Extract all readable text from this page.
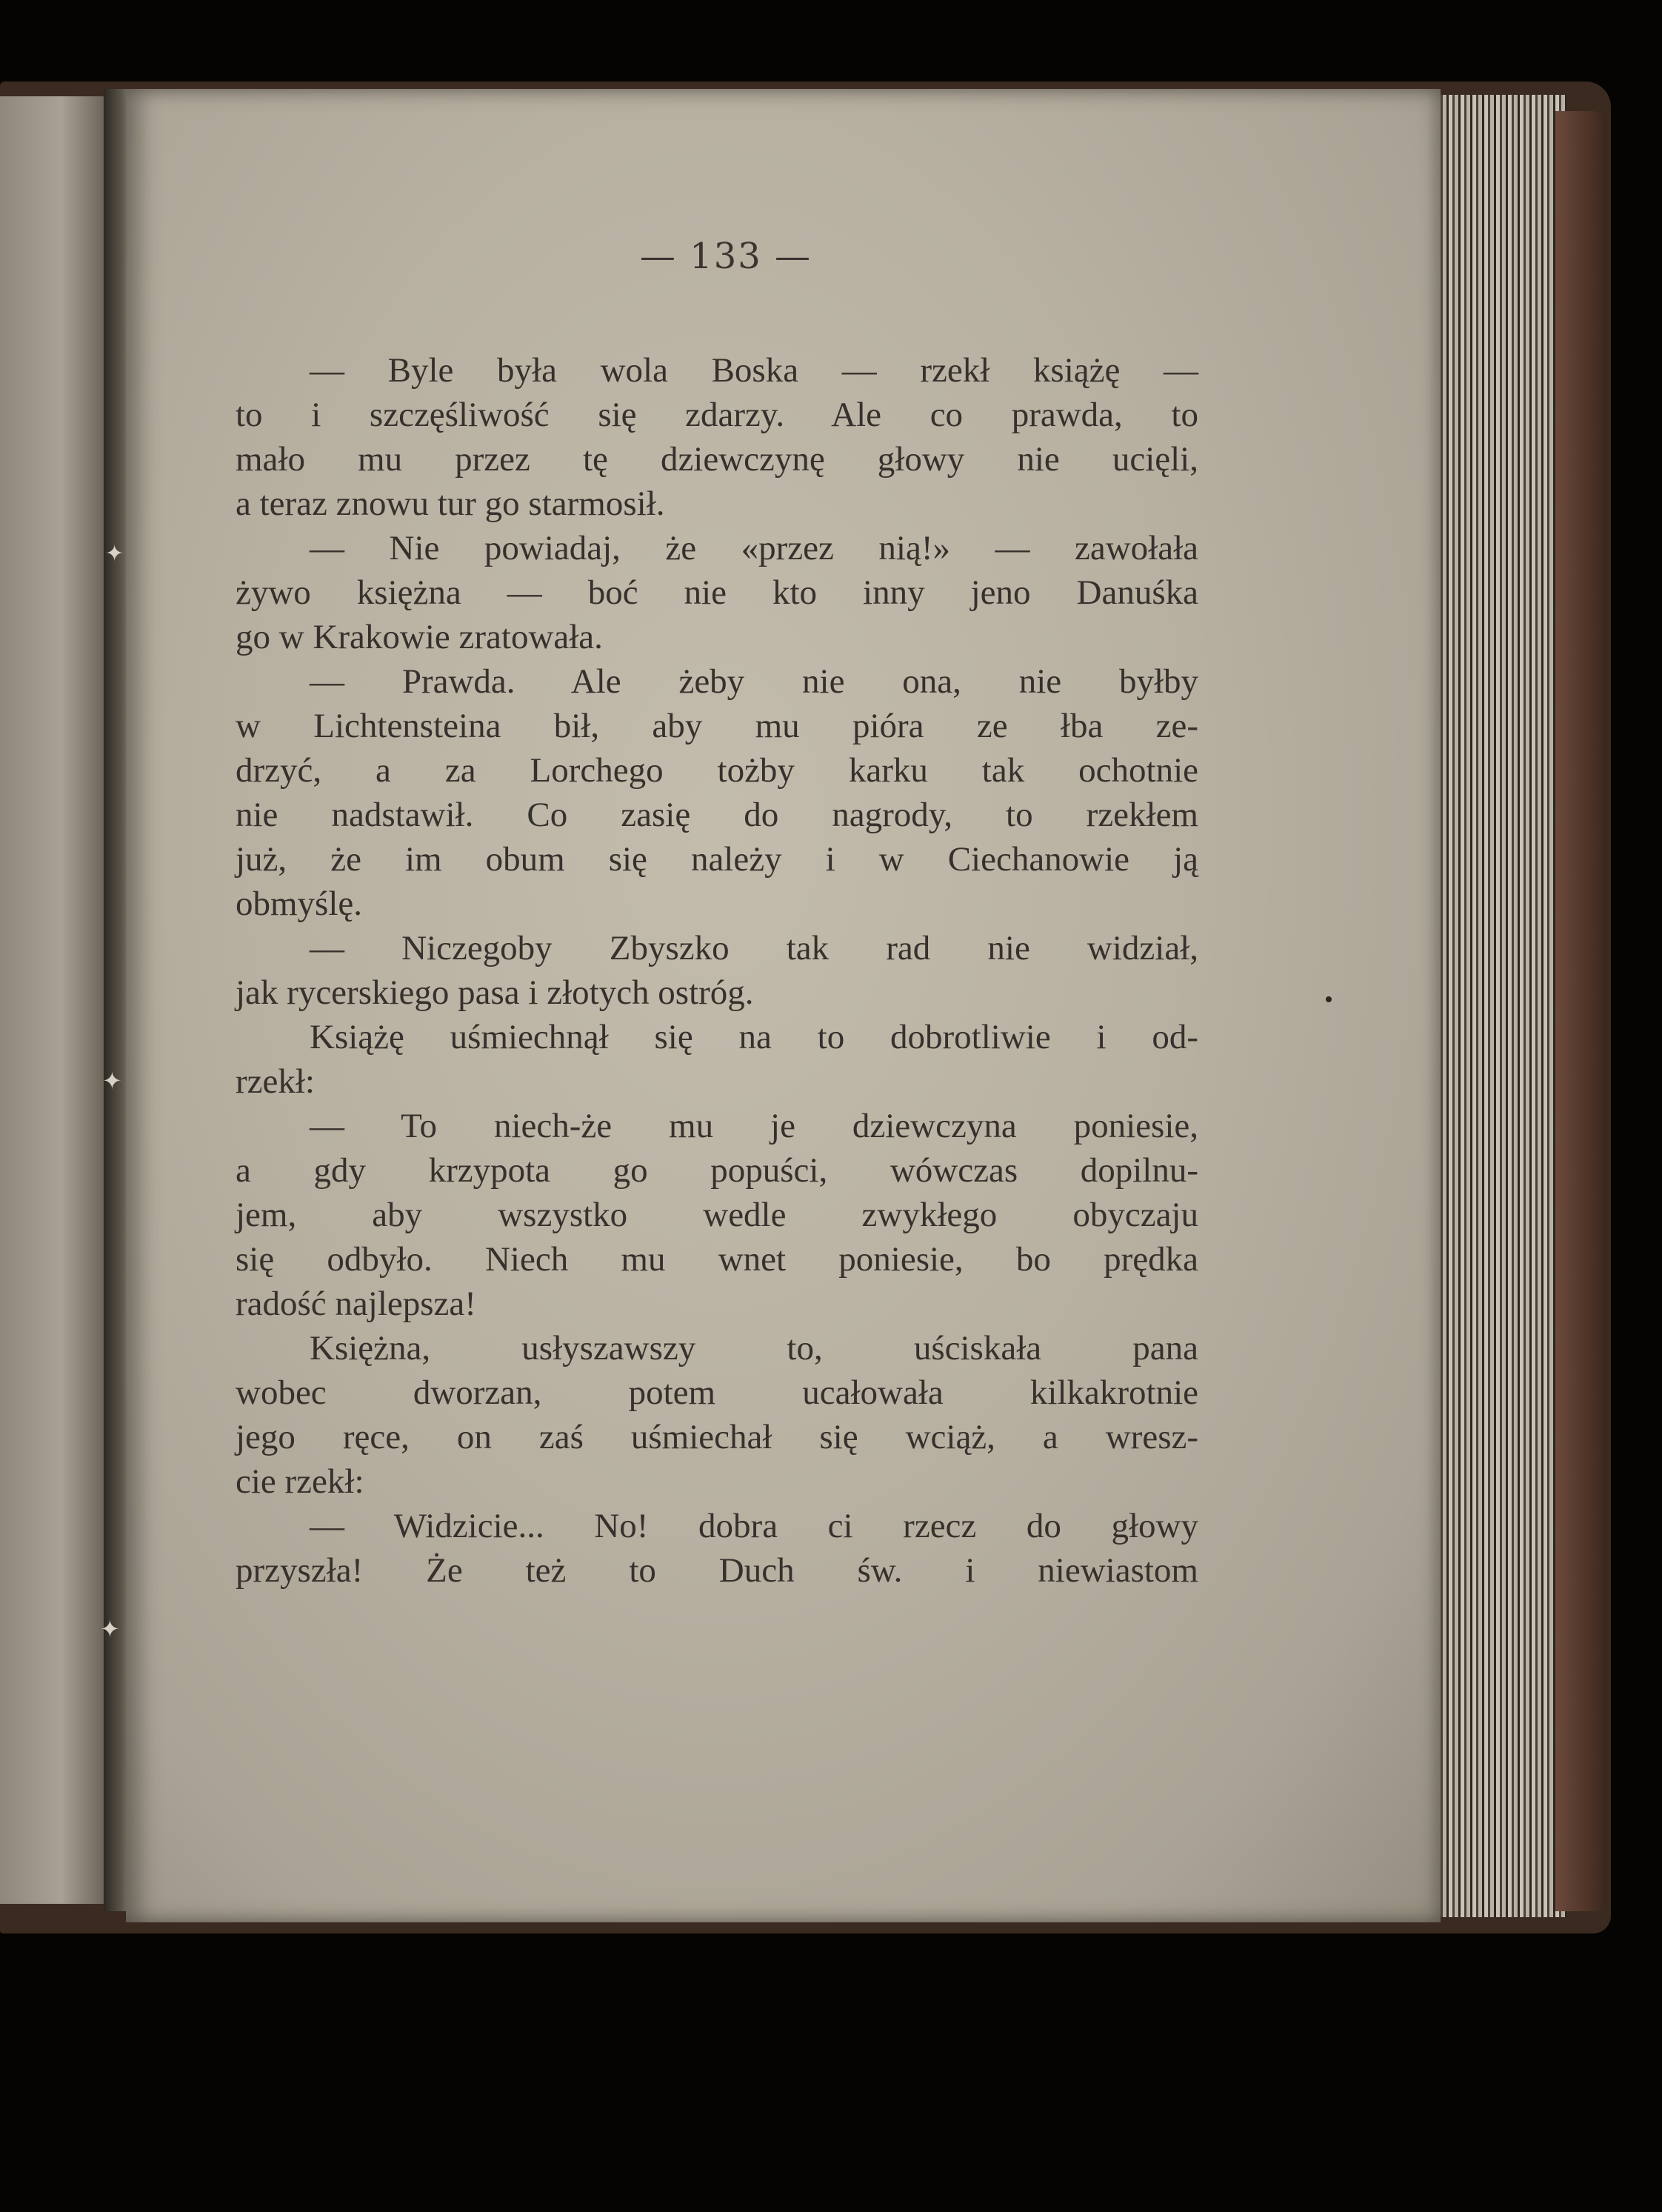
✦
✦
✦
— 133 —
— Byle była wola Boska — rzekł książę —
to i szczęśliwość się zdarzy. Ale co prawda, to
mało mu przez tę dziewczynę głowy nie ucięli,
a teraz znowu tur go starmosił.
— Nie powiadaj, że «przez nią!» — zawołała
żywo księżna — boć nie kto inny jeno Danuśka
go w Krakowie zratowała.
— Prawda. Ale żeby nie ona, nie byłby
w Lichtensteina bił, aby mu pióra ze łba ze-
drzyć, a za Lorchego tożby karku tak ochotnie
nie nadstawił. Co zasię do nagrody, to rzekłem
już, że im obum się należy i w Ciechanowie ją
obmyślę.
— Niczegoby Zbyszko tak rad nie widział,
jak rycerskiego pasa i złotych ostróg.
Książę uśmiechnął się na to dobrotliwie i od-
rzekł:
— To niech-że mu je dziewczyna poniesie,
a gdy krzypota go popuści, wówczas dopilnu-
jem, aby wszystko wedle zwykłego obyczaju
się odbyło. Niech mu wnet poniesie, bo prędka
radość najlepsza!
Księżna, usłyszawszy to, uściskała pana
wobec dworzan, potem ucałowała kilkakrotnie
jego ręce, on zaś uśmiechał się wciąż, a wresz-
cie rzekł:
— Widzicie... No! dobra ci rzecz do głowy
przyszła! Że też to Duch św. i niewiastom
